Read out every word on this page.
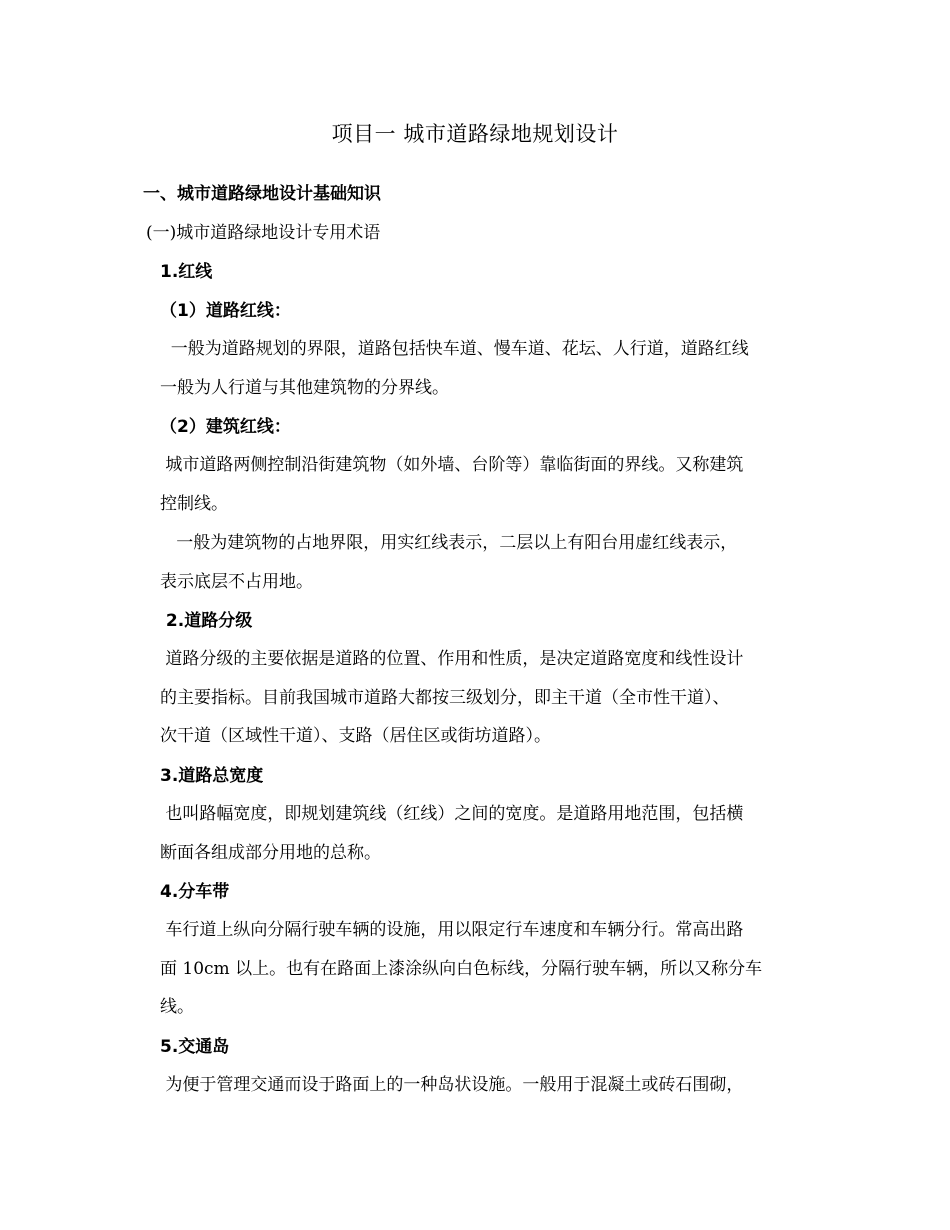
项目一 城市道路绿地规划设计
一、城市道路绿地设计基础知识
(一)城市道路绿地设计专用术语
1.红线
（1）道路红线：
一般为道路规划的界限，道路包括快车道、慢车道、花坛、人行道，道路红线
一般为人行道与其他建筑物的分界线。
（2）建筑红线：
城市道路两侧控制沿街建筑物（如外墙、台阶等）靠临街面的界线。又称建筑
控制线。
一般为建筑物的占地界限，用实红线表示，二层以上有阳台用虚红线表示，
表示底层不占用地。
2.道路分级
道路分级的主要依据是道路的位置、作用和性质，是决定道路宽度和线性设计
的主要指标。目前我国城市道路大都按三级划分，即主干道（全市性干道）、
次干道（区域性干道）、支路（居住区或街坊道路）。
3.道路总宽度
也叫路幅宽度，即规划建筑线（红线）之间的宽度。是道路用地范围，包括横
断面各组成部分用地的总称。
4.分车带
车行道上纵向分隔行驶车辆的设施，用以限定行车速度和车辆分行。常高出路
面 10cm 以上。也有在路面上漆涂纵向白色标线，分隔行驶车辆，所以又称分车
线。
5.交通岛
为便于管理交通而设于路面上的一种岛状设施。一般用于混凝土或砖石围砌，
